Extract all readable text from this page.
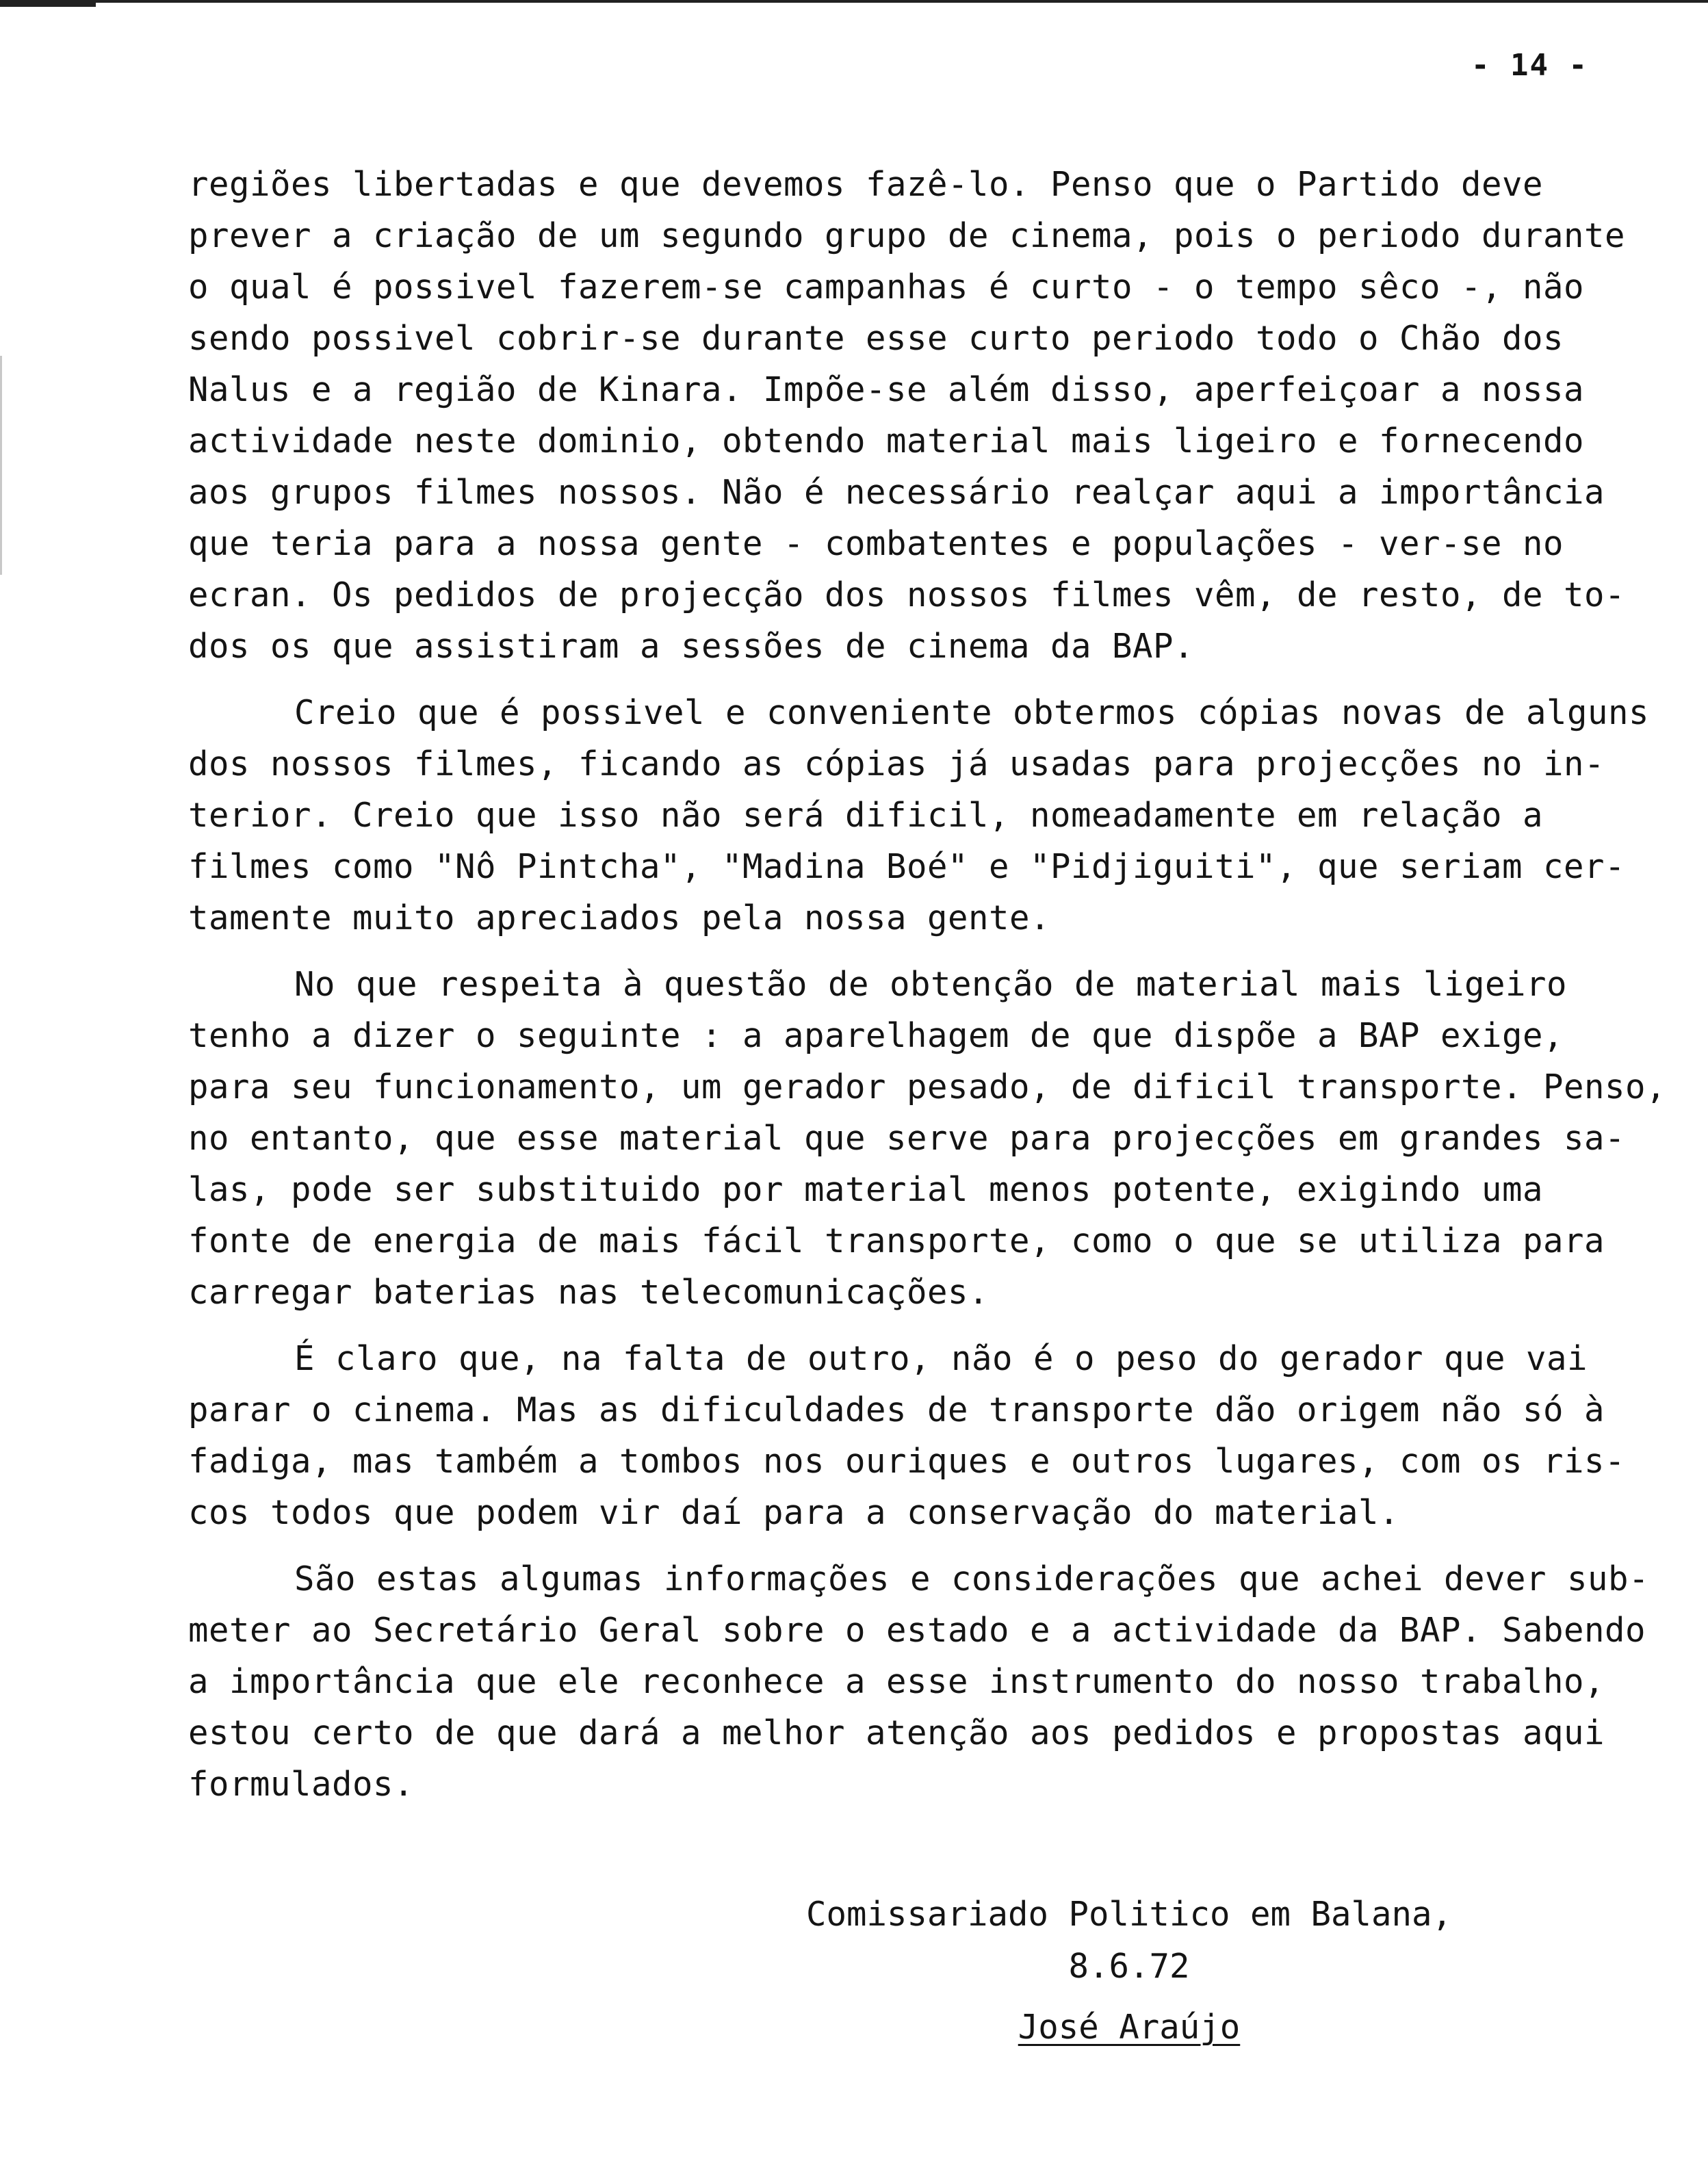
- 14 -
regiões libertadas e que devemos fazê-lo. Penso que o Partido deve
prever a criação de um segundo grupo de cinema, pois o periodo durante
o qual é possivel fazerem-se campanhas é curto - o tempo sêco -, não
sendo possivel cobrir-se durante esse curto periodo todo o Chão dos
Nalus e a região de Kinara. Impõe-se além disso, aperfeiçoar a nossa
actividade neste dominio, obtendo material mais ligeiro e fornecendo
aos grupos filmes nossos. Não é necessário realçar aqui a importância
que teria para a nossa gente - combatentes e populações - ver-se no
ecran. Os pedidos de projecção dos nossos filmes vêm, de resto, de to-
dos os que assistiram a sessões de cinema da BAP.
Creio que é possivel e conveniente obtermos cópias novas de alguns
dos nossos filmes, ficando as cópias já usadas para projecções no in-
terior. Creio que isso não será dificil, nomeadamente em relação a
filmes como "Nô Pintcha", "Madina Boé" e "Pidjiguiti", que seriam cer-
tamente muito apreciados pela nossa gente.
No que respeita à questão de obtenção de material mais ligeiro
tenho a dizer o seguinte : a aparelhagem de que dispõe a BAP exige,
para seu funcionamento, um gerador pesado, de dificil transporte. Penso,
no entanto, que esse material que serve para projecções em grandes sa-
las, pode ser substituido por material menos potente, exigindo uma
fonte de energia de mais fácil transporte, como o que se utiliza para
carregar baterias nas telecomunicações.
É claro que, na falta de outro, não é o peso do gerador que vai
parar o cinema. Mas as dificuldades de transporte dão origem não só à
fadiga, mas também a tombos nos ouriques e outros lugares, com os ris-
cos todos que podem vir daí para a conservação do material.
São estas algumas informações e considerações que achei dever sub-
meter ao Secretário Geral sobre o estado e a actividade da BAP. Sabendo
a importância que ele reconhece a esse instrumento do nosso trabalho,
estou certo de que dará a melhor atenção aos pedidos e propostas aqui
formulados.
Comissariado Politico em Balana,
8.6.72
José Araújo
